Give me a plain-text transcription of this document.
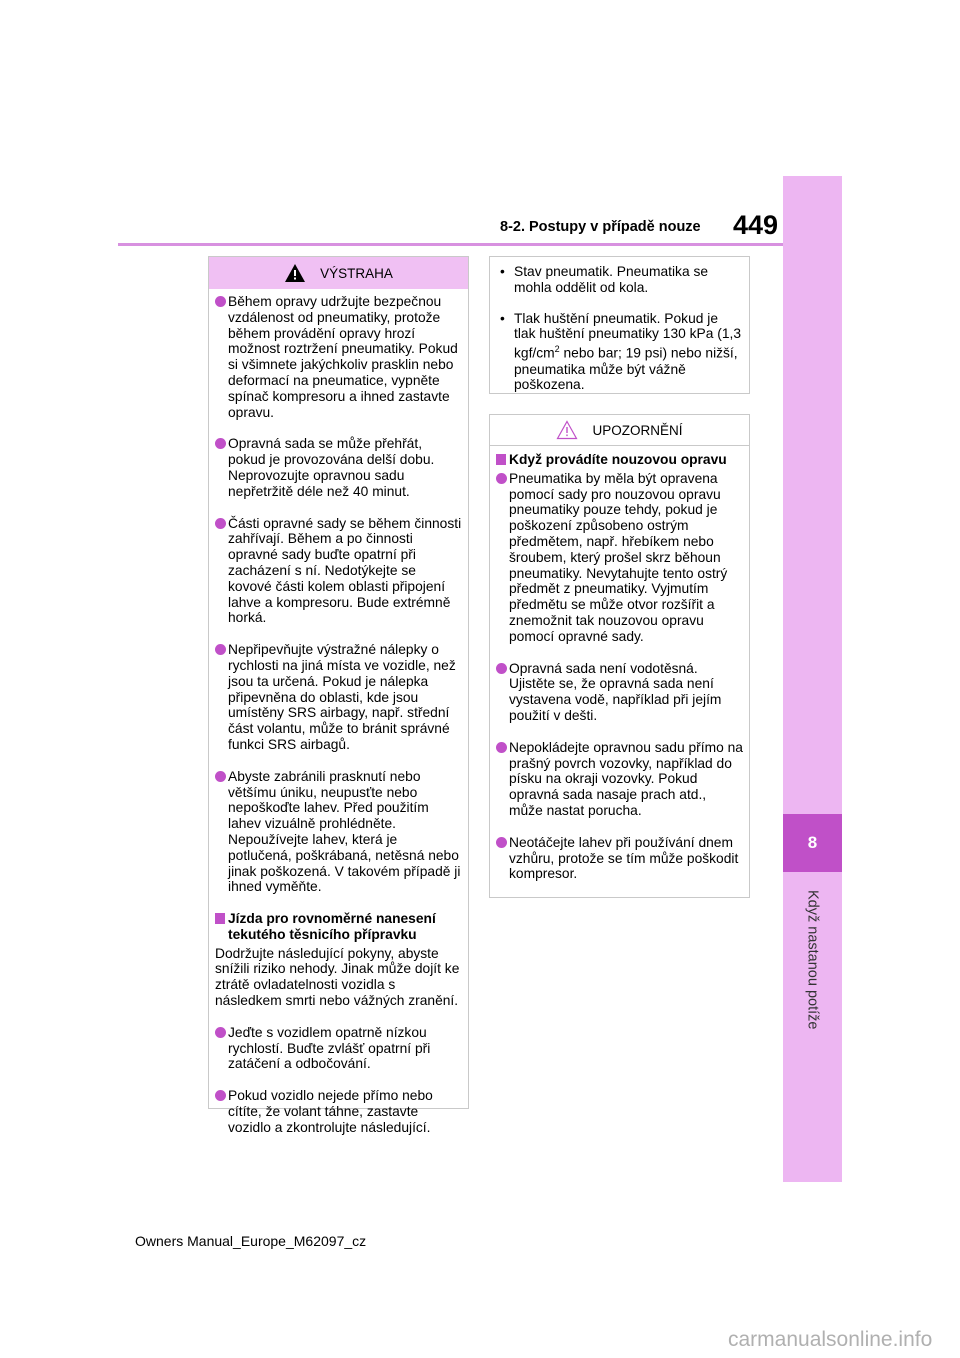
8
Když nastanou potíže
8-2. Postupy v případě nouze 449
VÝSTRAHA
Během opravy udržujte bezpečnou vzdálenost od pneumatiky, protože během provádění opravy hrozí možnost roztržení pneumatiky. Pokud si všimnete jakýchkoliv prasklin nebo deformací na pneumatice, vypněte spínač kompresoru a ihned zastavte opravu.
Opravná sada se může přehřát, pokud je provozována delší dobu. Neprovozujte opravnou sadu nepřetržitě déle než 40 minut.
Části opravné sady se během činnosti zahřívají. Během a po činnosti opravné sady buďte opatrní při zacházení s ní. Nedotýkejte se kovové části kolem oblasti připojení lahve a kompresoru. Bude extrémně horká.
Nepřipevňujte výstražné nálepky o rychlosti na jiná místa ve vozidle, než jsou ta určená. Pokud je nálepka připevněna do oblasti, kde jsou umístěny SRS airbagy, např. střední část volantu, může to bránit správné funkci SRS airbagů.
Abyste zabránili prasknutí nebo většímu úniku, neupusťte nebo nepoškoďte lahev. Před použitím lahev vizuálně prohlédněte. Nepoužívejte lahev, která je potlučená, poškrábaná, netěsná nebo jinak poškozená. V takovém případě ji ihned vyměňte.
Jízda pro rovnoměrné nanesení tekutého těsnicího přípravku
Dodržujte následující pokyny, abyste snížili riziko nehody. Jinak může dojít ke ztrátě ovladatelnosti vozidla s následkem smrti nebo vážných zranění.
Jeďte s vozidlem opatrně nízkou rychlostí. Buďte zvlášť opatrní při zatáčení a odbočování.
Pokud vozidlo nejede přímo nebo cítíte, že volant táhne, zastavte vozidlo a zkontrolujte následující.
• Stav pneumatik. Pneumatika se mohla oddělit od kola.
• Tlak huštění pneumatik. Pokud je tlak huštění pneumatiky 130 kPa (1,3 kgf/$cm^2$ nebo bar; 19 psi) nebo nižší, pneumatika může být vážně poškozena.
UPOZORNĚNÍ
Když provádíte nouzovou opravu
Pneumatika by měla být opravena pomocí sady pro nouzovou opravu pneumatiky pouze tehdy, pokud je poškození způsobeno ostrým předmětem, např. hřebíkem nebo šroubem, který prošel skrz běhoun pneumatiky. Nevytahujte tento ostrý předmět z pneumatiky. Vyjmutím předmětu se může otvor rozšířit a znemožnit tak nouzovou opravu pomocí opravné sady.
Opravná sada není vodotěsná. Ujistěte se, že opravná sada není vystavena vodě, například při jejím použití v dešti.
Nepokládejte opravnou sadu přímo na prašný povrch vozovky, například do písku na okraji vozovky. Pokud opravná sada nasaje prach atd., může nastat porucha.
Neotáčejte lahev při používání dnem vzhůru, protože se tím může poškodit kompresor.
Owners Manual_Europe_M62097_cz
carmanualsonline.info
